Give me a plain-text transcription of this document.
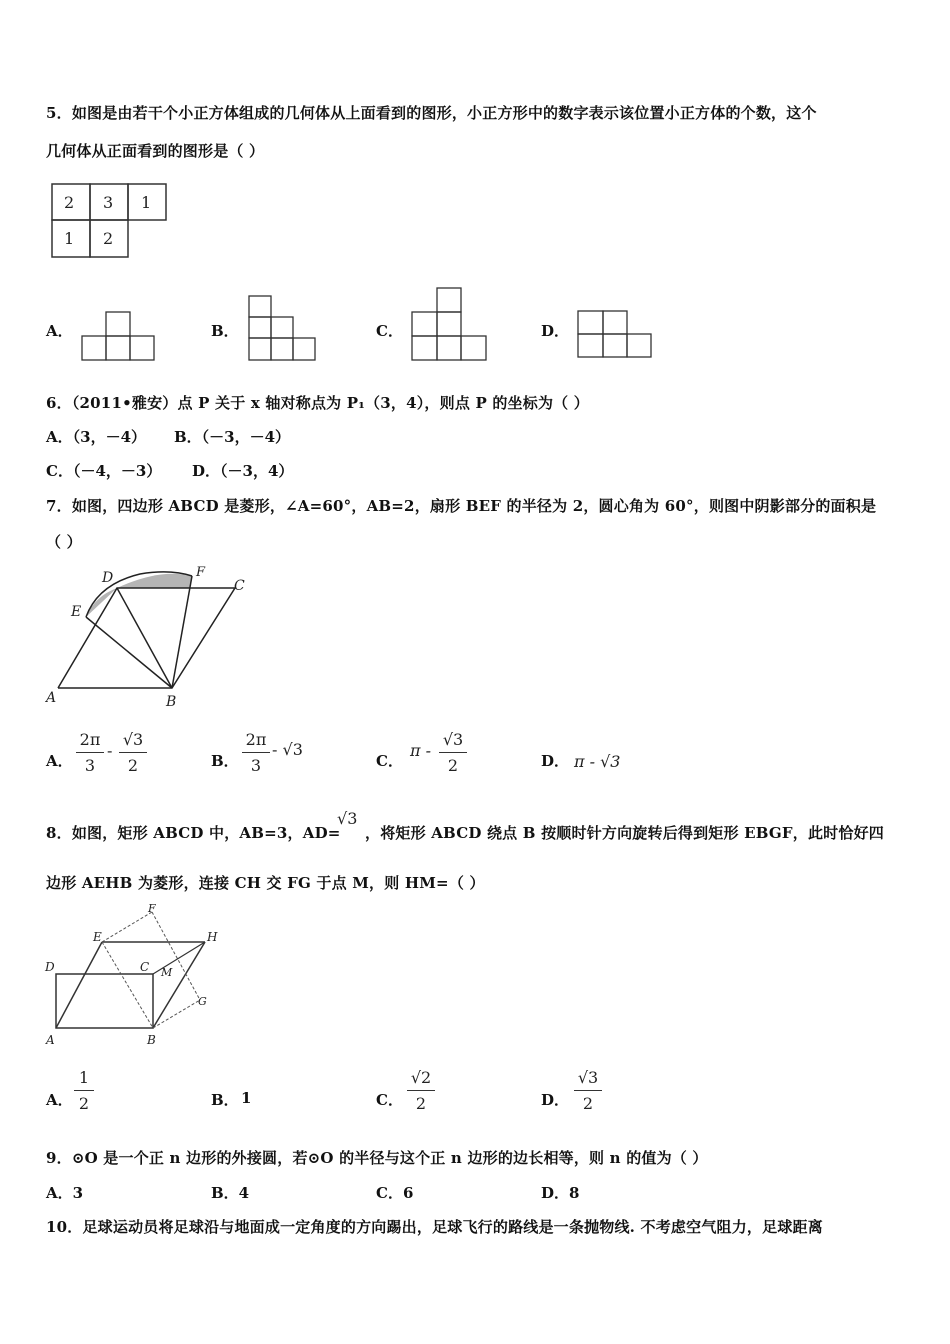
5．如图是由若干个小正方体组成的几何体从上面看到的图形，小正方形中的数字表示该位置小正方体的个数，这个
几何体从正面看到的图形是（ ）
2 3 1
1 2
A．	B．	C．	D．
6．（2011•雅安）点 P 关于 x 轴对称点为 P₁（3，4），则点 P 的坐标为（ ）
A．（3，－4） B．（－3，－4）
C．（－4，－3） D．（－3，4）
7．如图，四边形 ABCD 是菱形，∠A=60°，AB=2，扇形 BEF 的半径为 2，圆心角为 60°，则图中阴影部分的面积是
（ ）
D	F
C
E
A	B
A．
2π
3
-
√3
2	B．
2π
3
- √3
C．
π -
√3
2	D． π - √3
8．如图，矩形 ABCD 中，AB=3，AD=
√3
，将矩形 ABCD 绕点 B 按顺时针方向旋转后得到矩形 EBGF，此时恰好四
边形 AEHB 为菱形，连接 CH 交 FG 于点 M，则 HM=（ ）
F
E	H
D	C M
G
A	B
A．
1
2	B． 1	C．
√2
2	D．
√3
2
9．⊙O 是一个正 n 边形的外接圆，若⊙O 的半径与这个正 n 边形的边长相等，则 n 的值为（ ）
A．3	B．4	C．6	D．8
10．足球运动员将足球沿与地面成一定角度的方向踢出，足球飞行的路线是一条抛物线. 不考虑空气阻力，足球距离
